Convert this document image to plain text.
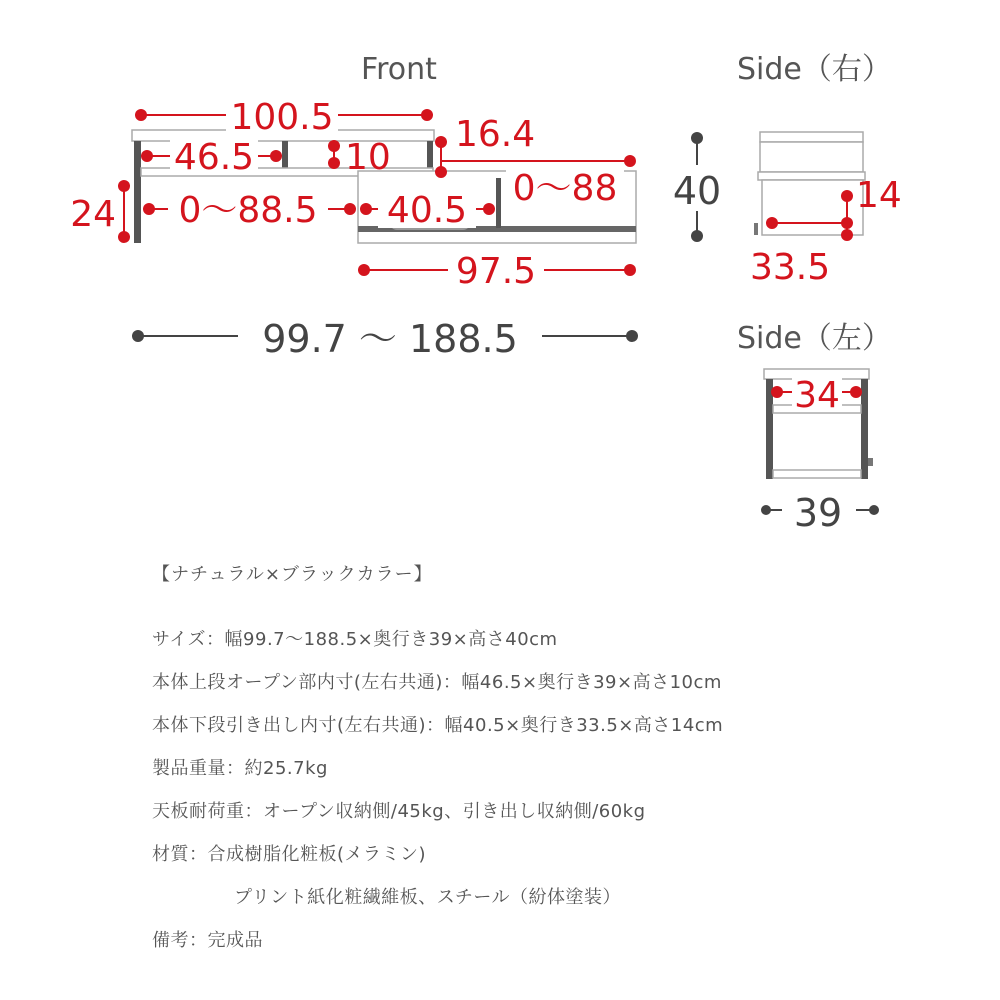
100.5
46.5	10
16.4
24 0～88.5 40.5
0～88
97.5
99.7 ～ 188.5
40	14
33.5
34
39
Front	Side（右）
Side（左）
【ナチュラル×ブラックカラー】
サイズ：幅99.7～188.5×奥行き39×高さ40cm
本体上段オープン部内寸(左右共通)：幅46.5×奥行き39×高さ10cm
本体下段引き出し内寸(左右共通)：幅40.5×奥行き33.5×高さ14cm
製品重量：約25.7kg
天板耐荷重：オープン収納側/45kg、引き出し収納側/60kg
材質：合成樹脂化粧板(メラミン)
プリント紙化粧繊維板、スチール（紛体塗装）
備考：完成品
